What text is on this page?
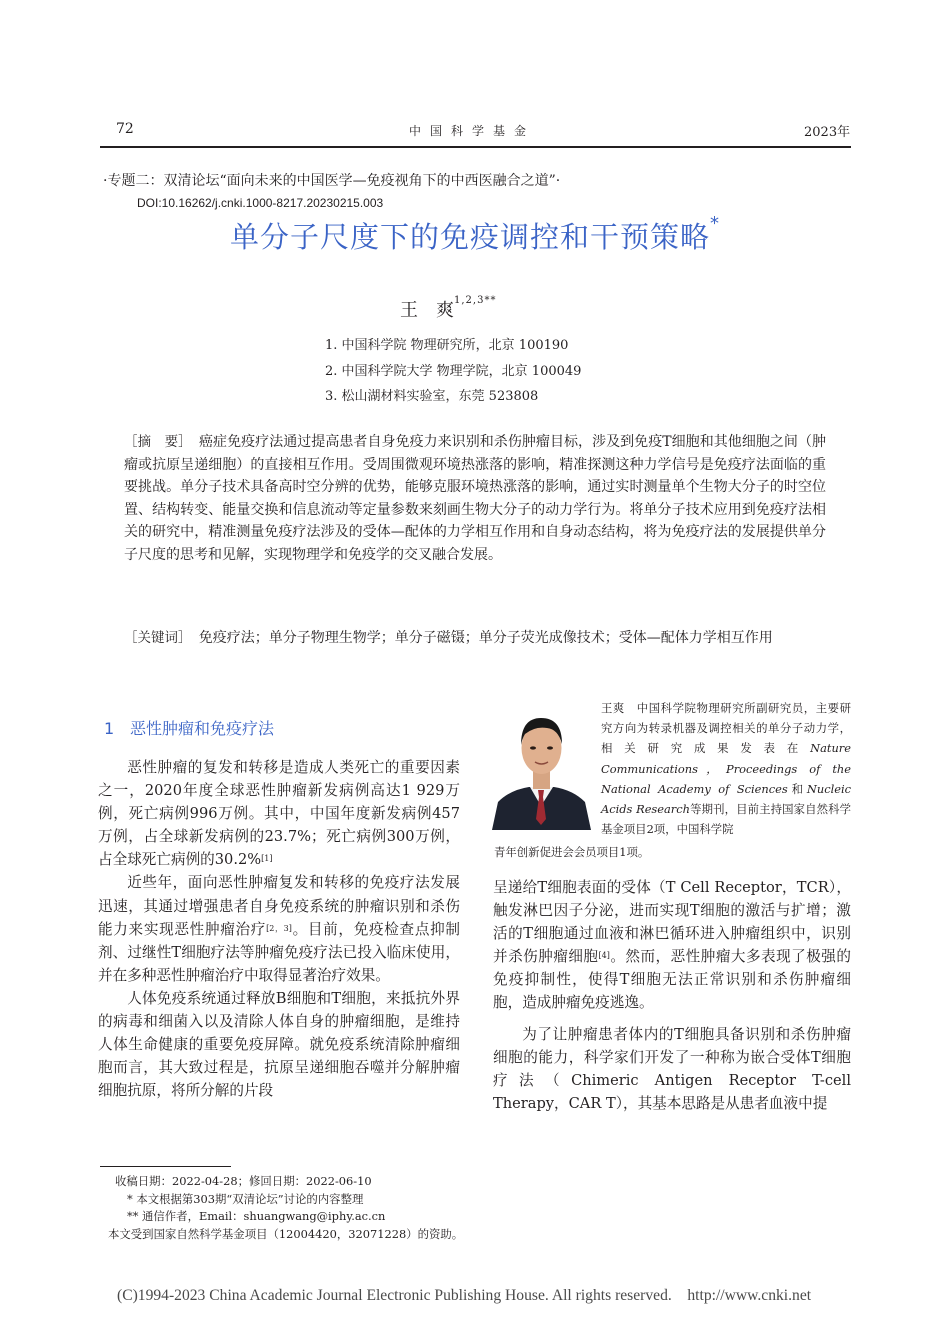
72	中国科学基金	2023年
·专题二：双清论坛“面向未来的中国医学—免疫视角下的中西医融合之道”·
DOI:10.16262/j.cnki.1000-8217.20230215.003
单分子尺度下的免疫调控和干预策略*
王 爽$^{1,2,3**}$
1. 中国科学院 物理研究所，北京 100190
2. 中国科学院大学 物理学院，北京 100049
3. 松山湖材料实验室，东莞 523808
［摘　要］　 癌症免疫疗法通过提高患者自身免疫力来识别和杀伤肿瘤目标，涉及到免疫T细胞和其他细胞之间（肿瘤或抗原呈递细胞）的直接相互作用。受周围微观环境热涨落的影响，精准探测这种力学信号是免疫疗法面临的重要挑战。单分子技术具备高时空分辨的优势，能够克服环境热涨落的影响，通过实时测量单个生物大分子的时空位置、结构转变、能量交换和信息流动等定量参数来刻画生物大分子的动力学行为。将单分子技术应用到免疫疗法相关的研究中，精准测量免疫疗法涉及的受体—配体的力学相互作用和自身动态结构，将为免疫疗法的发展提供单分子尺度的思考和见解，实现物理学和免疫学的交叉融合发展。
［关键词］　 免疫疗法；单分子物理生物学；单分子磁镊；单分子荧光成像技术；受体—配体力学相互作用
1 恶性肿瘤和免疫疗法

恶性肿瘤的复发和转移是造成人类死亡的重要因素之一，2020年度全球恶性肿瘤新发病例高达1 929万例，死亡病例996万例。其中，中国年度新发病例457万例，占全球新发病例的23.7%；死亡病例300万例，占全球死亡病例的30.2%[1]

近些年，面向恶性肿瘤复发和转移的免疫疗法发展迅速，其通过增强患者自身免疫系统的肿瘤识别和杀伤能力来实现恶性肿瘤治疗[2，3]。目前，免疫检查点抑制剂、过继性T细胞疗法等肿瘤免疫疗法已投入临床使用，并在多种恶性肿瘤治疗中取得显著治疗效果。

人体免疫系统通过释放B细胞和T细胞，来抵抗外界的病毒和细菌入以及清除人体自身的肿瘤细胞，是维持人体生命健康的重要免疫屏障。就免疫系统清除肿瘤细胞而言，其大致过程是，抗原呈递细胞吞噬并分解肿瘤细胞抗原，将所分解的片段

王爽　 中国科学院物理研究所副研究员，主要研究方向为转录机器及调控相关的单分子动力学，相关研究成果发表在Nature Communications，Proceedings of the National Academy of Sciences和Nucleic Acids Research等期刊，目前主持国家自然科学基金项目2项，中国科学院
青年创新促进会会员项目1项。

呈递给T细胞表面的受体（T Cell Receptor，TCR），触发淋巴因子分泌，进而实现T细胞的激活与扩增；激活的T细胞通过血液和淋巴循环进入肿瘤组织中，识别并杀伤肿瘤细胞[4]。然而，恶性肿瘤大多表现了极强的免疫抑制性，使得T细胞无法正常识别和杀伤肿瘤细胞，造成肿瘤免疫逃逸。

为了让肿瘤患者体内的T细胞具备识别和杀伤肿瘤细胞的能力，科学家们开发了一种称为嵌合受体T细胞疗法（Chimeric Antigen Receptor T-cell Therapy，CAR T），其基本思路是从患者血液中提

收稿日期：2022-04-28；修回日期：2022-06-10
* 本文根据第303期“双清论坛”讨论的内容整理
** 通信作者，Email：shuangwang@iphy.ac.cn
本文受到国家自然科学基金项目（12004420，32071228）的资助。
(C)1994-2023 China Academic Journal Electronic Publishing House. All rights reserved.    http://www.cnki.net
